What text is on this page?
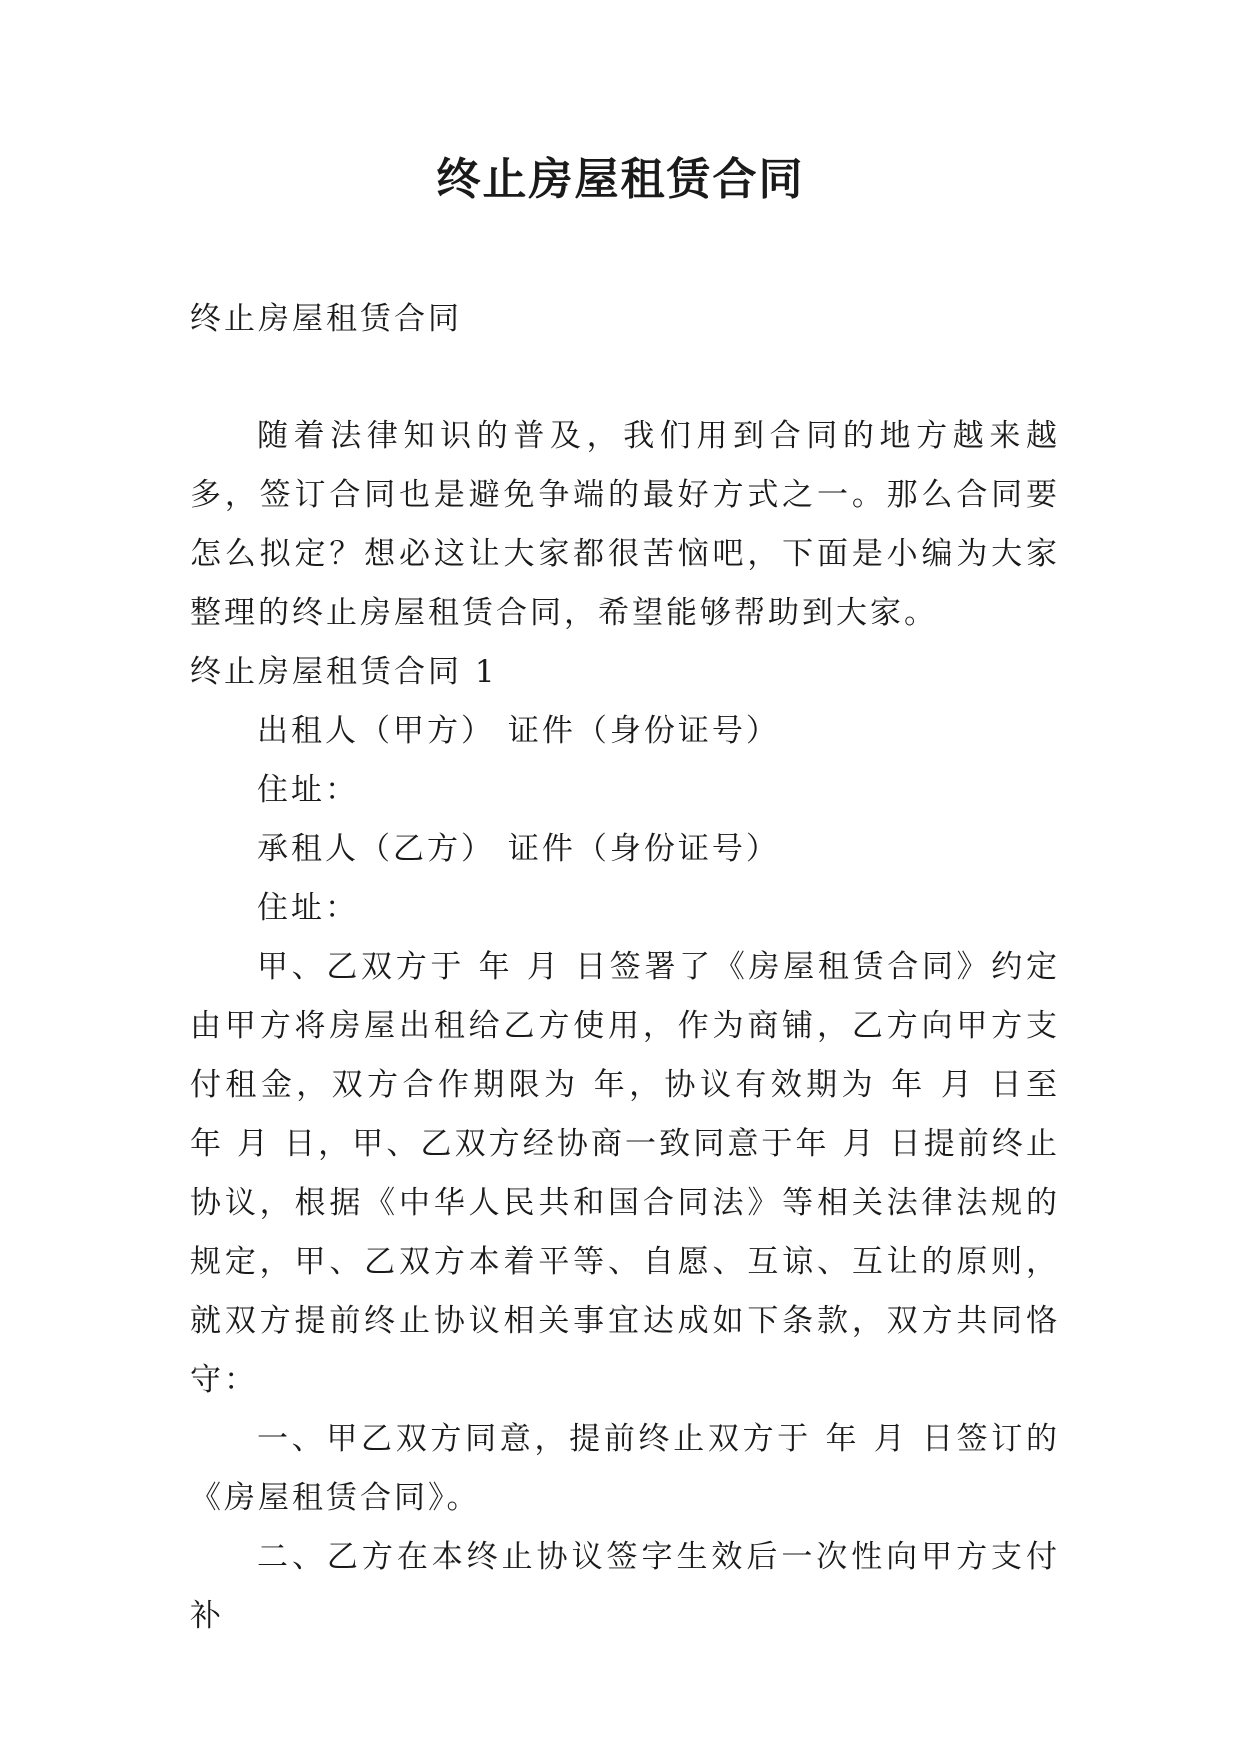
终止房屋租赁合同

终止房屋租赁合同

随着法律知识的普及，我们用到合同的地方越来越多，签订合同也是避免争端的最好方式之一。那么合同要怎么拟定？想必这让大家都很苦恼吧，下面是小编为大家整理的终止房屋租赁合同，希望能够帮助到大家。

终止房屋租赁合同 1

出租人（甲方） 证件（身份证号）

住址：

承租人（乙方） 证件（身份证号）

住址：

甲、乙双方于 年 月 日签署了《房屋租赁合同》约定由甲方将房屋出租给乙方使用，作为商铺，乙方向甲方支付租金，双方合作期限为 年，协议有效期为 年 月 日至 年 月 日，甲、乙双方经协商一致同意于年 月 日提前终止协议，根据《中华人民共和国合同法》等相关法律法规的规定，甲、乙双方本着平等、自愿、互谅、互让的原则，就双方提前终止协议相关事宜达成如下条款，双方共同恪守：

一、甲乙双方同意，提前终止双方于 年 月 日签订的《房屋租赁合同》。

二、乙方在本终止协议签字生效后一次性向甲方支付补
